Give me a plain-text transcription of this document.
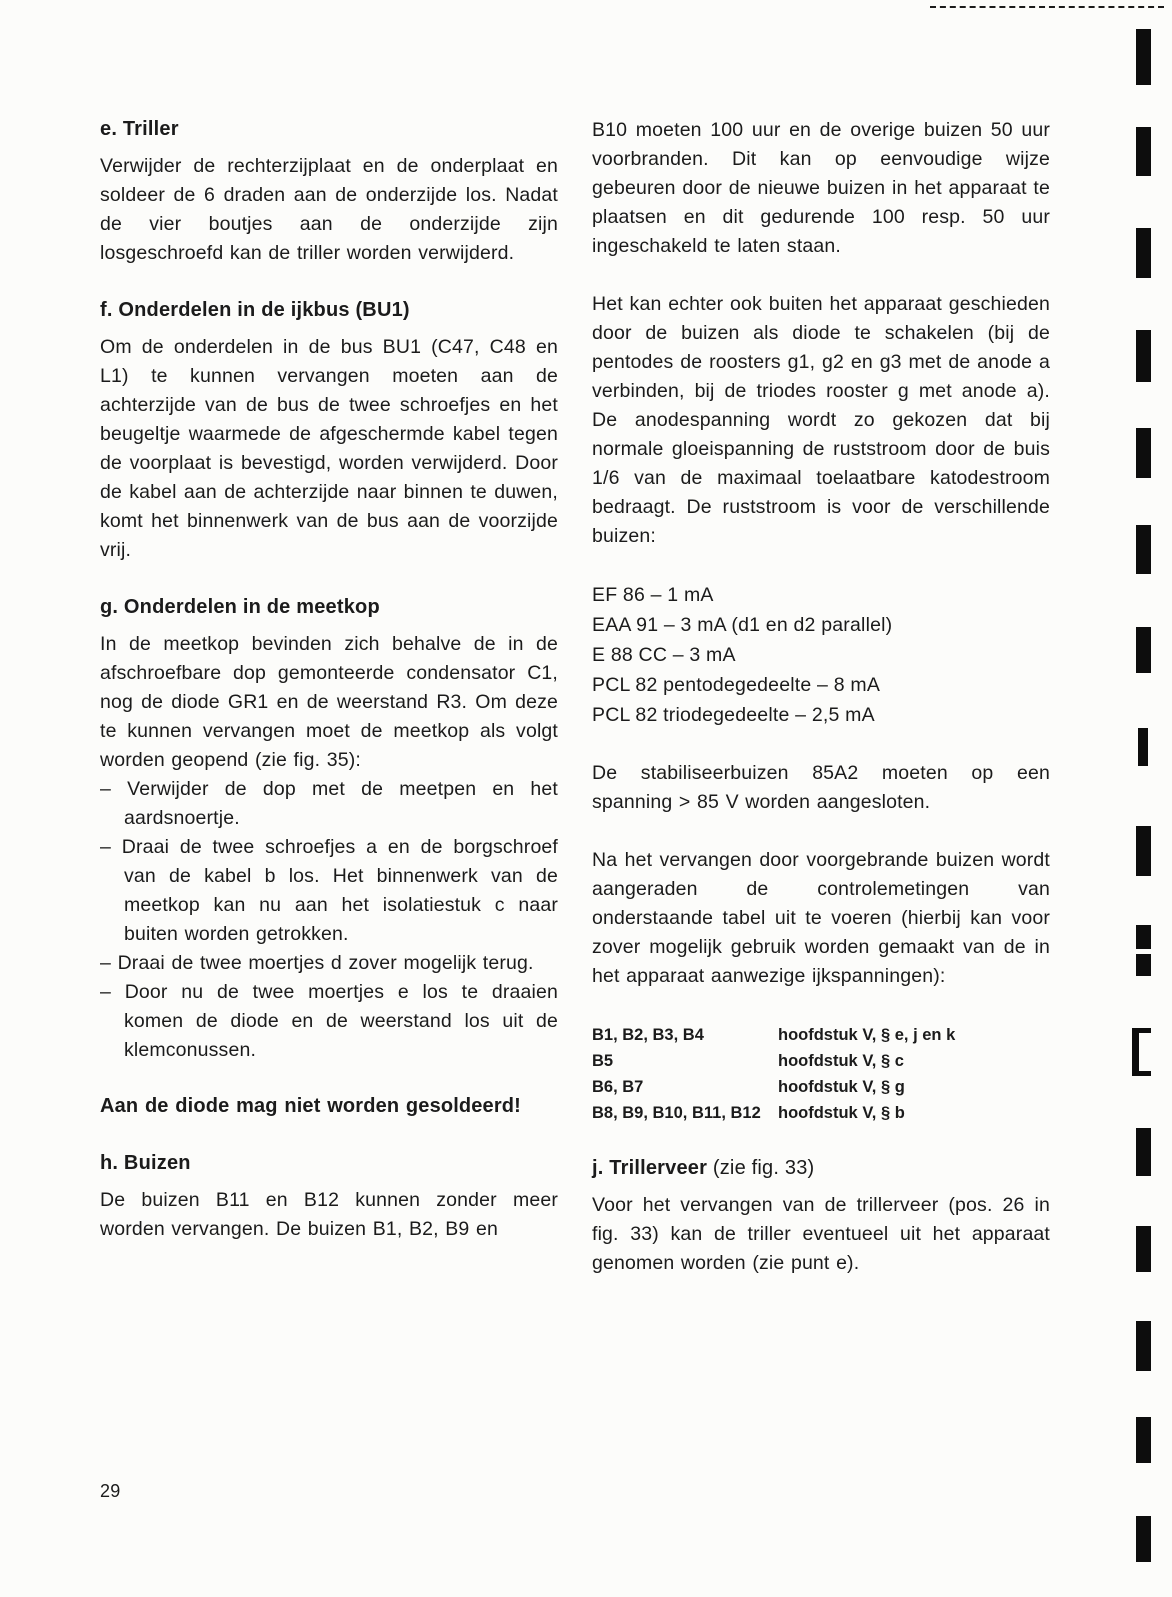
e. Triller

Verwijder de rechterzijplaat en de onderplaat en soldeer de 6 draden aan de onderzijde los. Nadat de vier boutjes aan de onderzijde zijn losgeschroefd kan de triller worden verwijderd.

f. Onderdelen in de ijkbus (BU1)

Om de onderdelen in de bus BU1 (C47, C48 en L1) te kunnen vervangen moeten aan de achterzijde van de bus de twee schroefjes en het beugeltje waarmede de afgeschermde kabel tegen de voorplaat is bevestigd, worden verwijderd. Door de kabel aan de achterzijde naar binnen te duwen, komt het binnenwerk van de bus aan de voorzijde vrij.

g. Onderdelen in de meetkop

In de meetkop bevinden zich behalve de in de afschroefbare dop gemonteerde condensator C1, nog de diode GR1 en de weerstand R3. Om deze te kunnen vervangen moet de meetkop als volgt worden geopend (zie fig. 35):

– Verwijder de dop met de meetpen en het aardsnoertje.

– Draai de twee schroefjes a en de borgschroef van de kabel b los. Het binnenwerk van de meetkop kan nu aan het isolatiestuk c naar buiten worden getrokken.

– Draai de twee moertjes d zover mogelijk terug.

– Door nu de twee moertjes e los te draaien komen de diode en de weerstand los uit de klemconussen.

Aan de diode mag niet worden gesoldeerd!

h. Buizen

De buizen B11 en B12 kunnen zonder meer worden vervangen. De buizen B1, B2, B9 en

B10 moeten 100 uur en de overige buizen 50 uur voorbranden. Dit kan op eenvoudige wijze gebeuren door de nieuwe buizen in het apparaat te plaatsen en dit gedurende 100 resp. 50 uur ingeschakeld te laten staan.

Het kan echter ook buiten het apparaat geschieden door de buizen als diode te schakelen (bij de pentodes de roosters g1, g2 en g3 met de anode a verbinden, bij de triodes rooster g met anode a). De anodespanning wordt zo gekozen dat bij normale gloeispanning de ruststroom door de buis 1/6 van de maximaal toelaatbare katodestroom bedraagt. De ruststroom is voor de verschillende buizen:

EF 86 – 1 mA
EAA 91 – 3 mA (d1 en d2 parallel)
E 88 CC – 3 mA
PCL 82 pentodegedeelte – 8 mA
PCL 82 triodegedeelte – 2,5 mA

De stabiliseerbuizen 85A2 moeten op een spanning > 85 V worden aangesloten.

Na het vervangen door voorgebrande buizen wordt aangeraden de controlemetingen van onderstaande tabel uit te voeren (hierbij kan voor zover mogelijk gebruik worden gemaakt van de in het apparaat aanwezige ijkspanningen):

B1, B2, B3, B4	hoofdstuk V, § e, j en k
B5	hoofdstuk V, § c
B6, B7	hoofdstuk V, § g
B8, B9, B10, B11, B12	hoofdstuk V, § b
j. Trillerveer (zie fig. 33)

Voor het vervangen van de trillerveer (pos. 26 in fig. 33) kan de triller eventueel uit het apparaat genomen worden (zie punt e).

29
